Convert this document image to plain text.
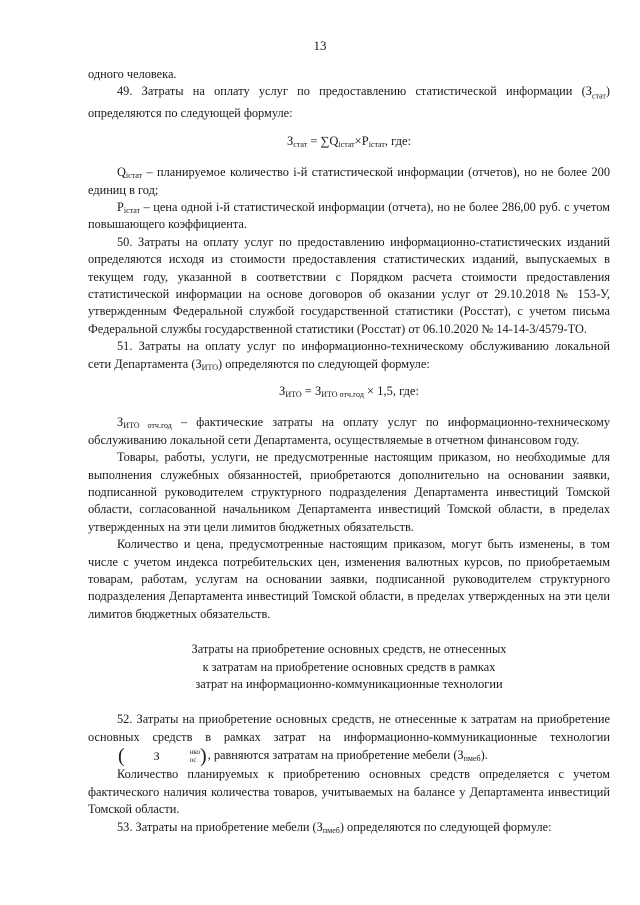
13

одного человека.

49. Затраты на оплату услуг по предоставлению статистической информации $(З_{стат})$ определяются по следующей формуле:

$З_{стат} = \sum Q_{iстат}\times P_{iстат}$, где:

$Q_{iстат}$ – планируемое количество i-й статистической информации (отчетов), но не более 200 единиц в год;

$P_{iстат}$ – цена одной i-й статистической информации (отчета), но не более 286,00 руб. с учетом повышающего коэффициента.

50. Затраты на оплату услуг по предоставлению информационно-статистических изданий определяются исходя из стоимости предоставления статистических изданий, выпускаемых в текущем году, указанной в соответствии с Порядком расчета стоимости предоставления статистической информации на основе договоров об оказании услуг от 29.10.2018 № 153-У, утвержденным Федеральной службой государственной статистики (Росстат), с учетом письма Федеральной службы государственной статистики (Росстат) от 06.10.2020 № 14-14-3/4579-ТО.

51. Затраты на оплату услуг по информационно-техническому обслуживанию локальной сети Департамента $(З_{ИТО})$ определяются по следующей формуле:

$З_{ИТО} = З_{ИТО отч.год} \times 1,5$, где:

$З_{ИТО отч.год}$ – фактические затраты на оплату услуг по информационно-техническому обслуживанию локальной сети Департамента, осуществляемые в отчетном финансовом году.

Товары, работы, услуги, не предусмотренные настоящим приказом, но необходимые для выполнения служебных обязанностей, приобретаются дополнительно на основании заявки, подписанной руководителем структурного подразделения Департамента инвестиций Томской области, согласованной начальником Департамента инвестиций Томской области, в пределах утвержденных на эти цели лимитов бюджетных обязательств.

Количество и цена, предусмотренные настоящим приказом, могут быть изменены, в том числе с учетом индекса потребительских цен, изменения валютных курсов, по приобретаемым товарам, работам, услугам на основании заявки, подписанной руководителем структурного подразделения Департамента инвестиций Томской области, в пределах утвержденных на эти цели лимитов бюджетных обязательств.

Затраты на приобретение основных средств, не отнесенных
к затратам на приобретение основных средств в рамках
затрат на информационно-коммуникационные технологии

52. Затраты на приобретение основных средств, не отнесенные к затратам на приобретение основных средств в рамках затрат на информационно-коммуникационные технологии ( З	нко
ос ), равняются затратам на приобретение мебели $(З_{пмеб})$.

Количество планируемых к приобретению основных средств определяется с учетом фактического наличия количества товаров, учитываемых на балансе у Департамента инвестиций Томской области.

53. Затраты на приобретение мебели $(З_{пмеб})$ определяются по следующей формуле:
